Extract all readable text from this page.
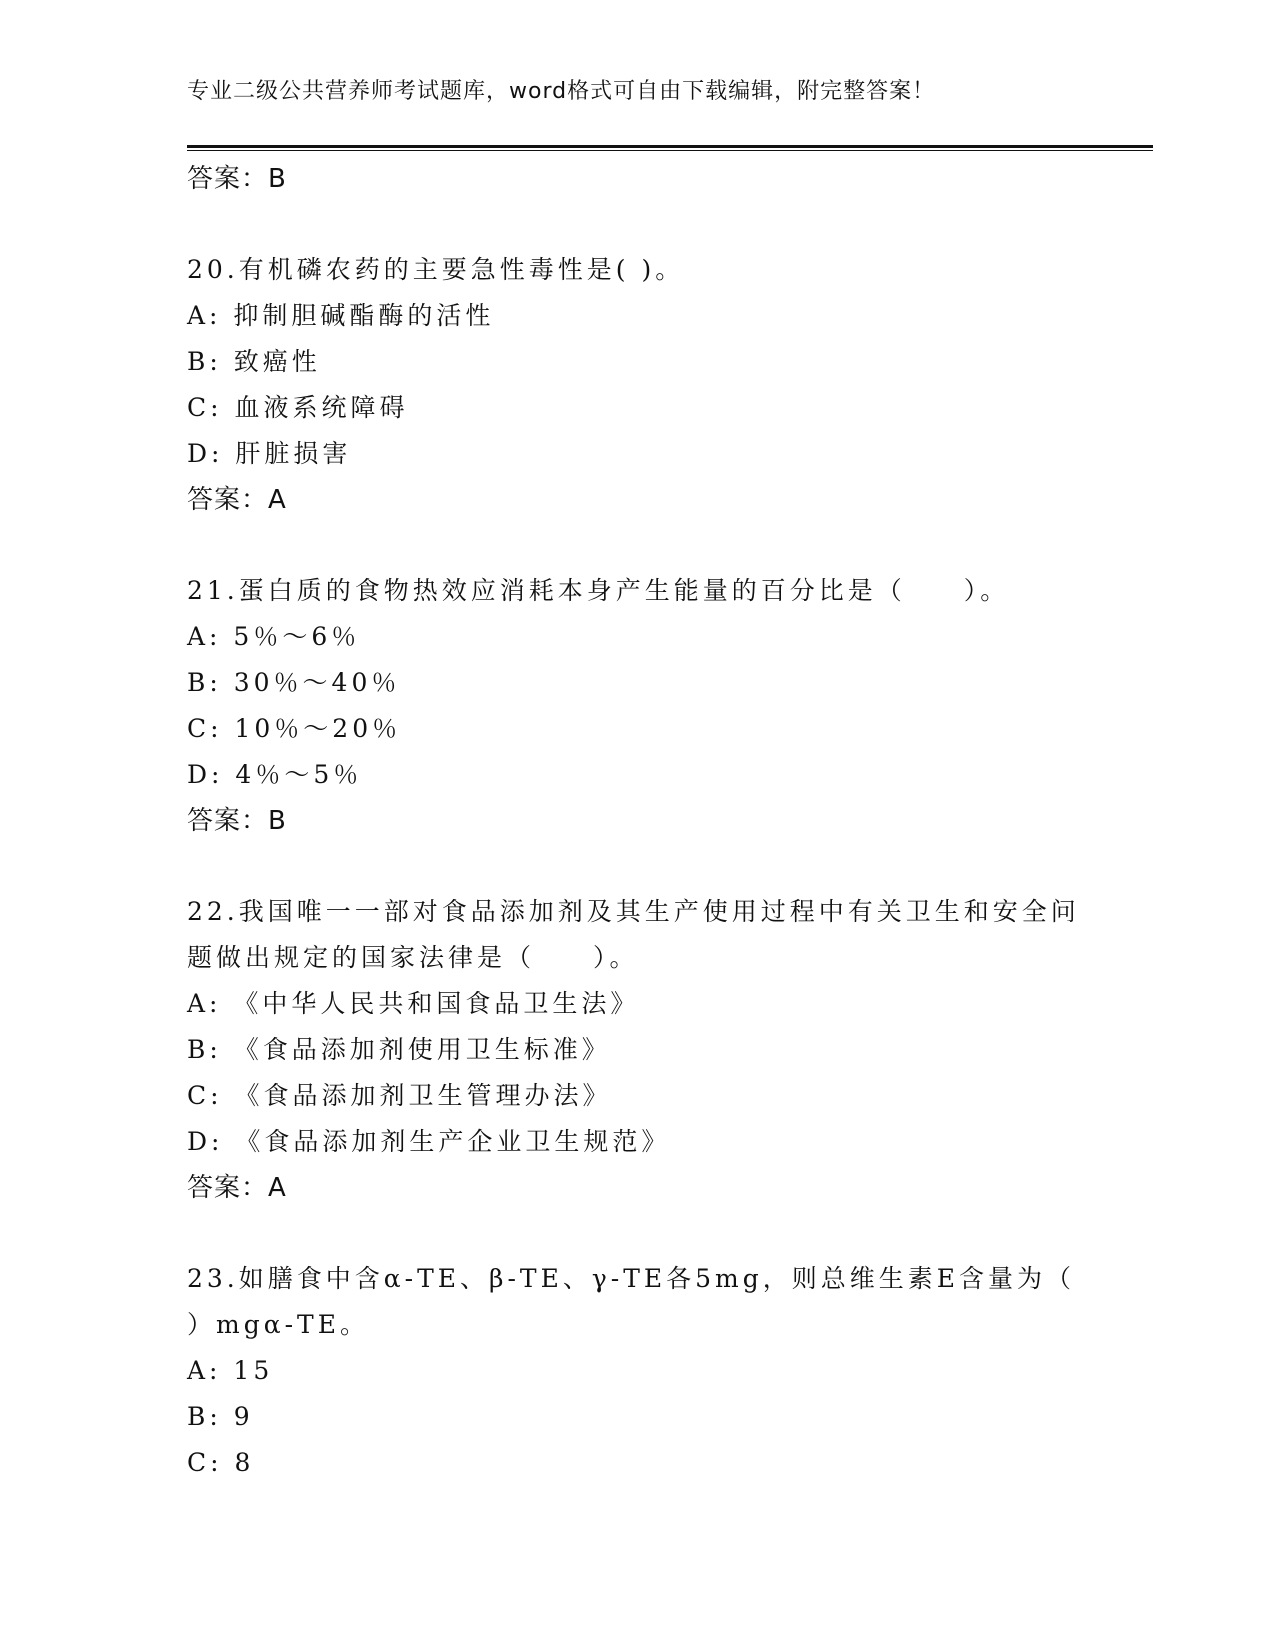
专业二级公共营养师考试题库，word格式可自由下载编辑，附完整答案！
答案：B
20.有机磷农药的主要急性毒性是( )。
A: 抑制胆碱酯酶的活性
B: 致癌性
C: 血液系统障碍
D: 肝脏损害
答案：A
21.蛋白质的食物热效应消耗本身产生能量的百分比是（　　）。
A: 5％～6％
B: 30％～40％
C: 10％～20％
D: 4％～5％
答案：B
22.我国唯一一部对食品添加剂及其生产使用过程中有关卫生和安全问题做出规定的国家法律是（　　）。
A: 《中华人民共和国食品卫生法》
B: 《食品添加剂使用卫生标准》
C: 《食品添加剂卫生管理办法》
D: 《食品添加剂生产企业卫生规范》
答案：A
23.如膳食中含α-TE、β-TE、γ-TE各5mg，则总维生素E含量为（ ）mgα-TE。
A: 15
B: 9
C: 8
